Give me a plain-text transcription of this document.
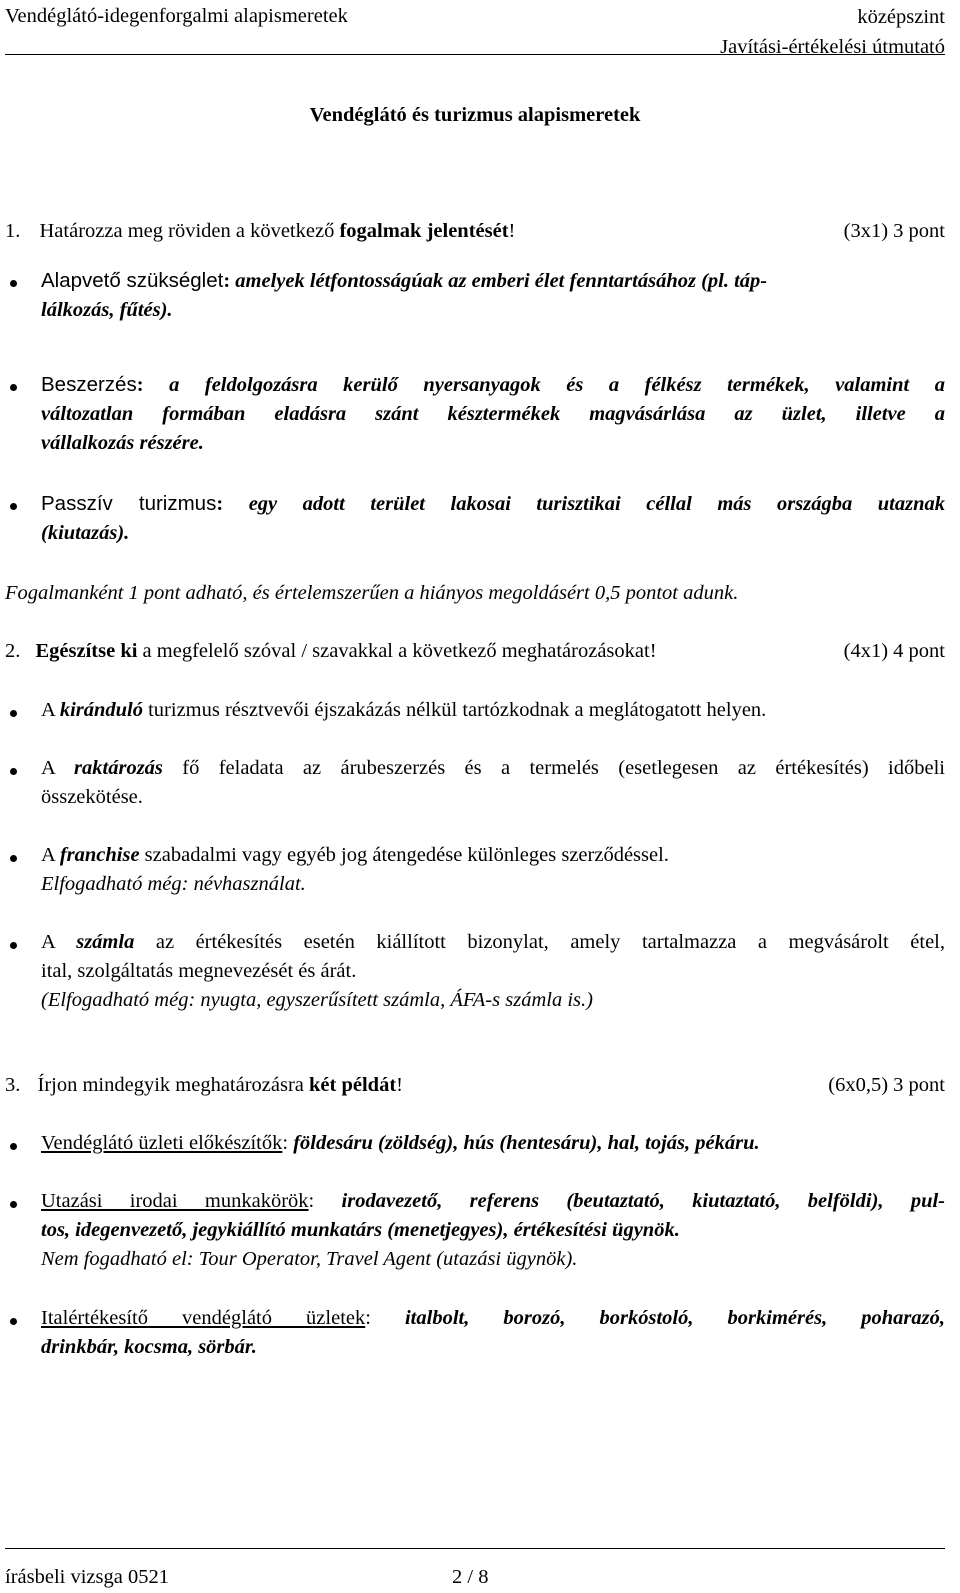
Vendéglátó-idegenforgalmi alapismeretek	középszint
Javítási-értékelési útmutató
Vendéglátó és turizmus alapismeretek
1. Határozza meg röviden a következő fogalmak jelentését!	(3x1) 3 pont
Alapvető szükséglet: amelyek létfontosságúak az emberi élet fenntartásához (pl. táp-
lálkozás, fűtés).
Beszerzés: a feldolgozásra kerülő nyersanyagok és a félkész termékek, valamint a
változatlan formában eladásra szánt késztermékek magvásárlása az üzlet, illetve a
vállalkozás részére.
Passzív turizmus: egy adott terület lakosai turisztikai céllal más országba utaznak
(kiutazás).
Fogalmanként 1 pont adható, és értelemszerűen a hiányos megoldásért 0,5 pontot adunk.
2. Egészítse ki a megfelelő szóval / szavakkal a következő meghatározásokat!	(4x1) 4 pont
A kiránduló turizmus résztvevői éjszakázás nélkül tartózkodnak a meglátogatott helyen.
A raktározás fő feladata az árubeszerzés és a termelés (esetlegesen az értékesítés) időbeli
összekötése.
A franchise szabadalmi vagy egyéb jog átengedése különleges szerződéssel.
Elfogadható még: névhasználat.
A számla az értékesítés esetén kiállított bizonylat, amely tartalmazza a megvásárolt étel,
ital, szolgáltatás megnevezését és árát.
(Elfogadható még: nyugta, egyszerűsített számla, ÁFA-s számla is.)
3. Írjon mindegyik meghatározásra két példát!	(6x0,5) 3 pont
Vendéglátó üzleti előkészítők: földesáru (zöldség), hús (hentesáru), hal, tojás, pékáru.
Utazási irodai munkakörök: irodavezető, referens (beutaztató, kiutaztató, belföldi), pul-
tos, idegenvezető, jegykiállító munkatárs (menetjegyes), értékesítési ügynök.
Nem fogadható el: Tour Operator, Travel Agent (utazási ügynök).
Italértékesítő vendéglátó üzletek: italbolt, borozó, borkóstoló, borkimérés, poharazó,
drinkbár, kocsma, sörbár.
írásbeli vizsga 0521	2 / 8
